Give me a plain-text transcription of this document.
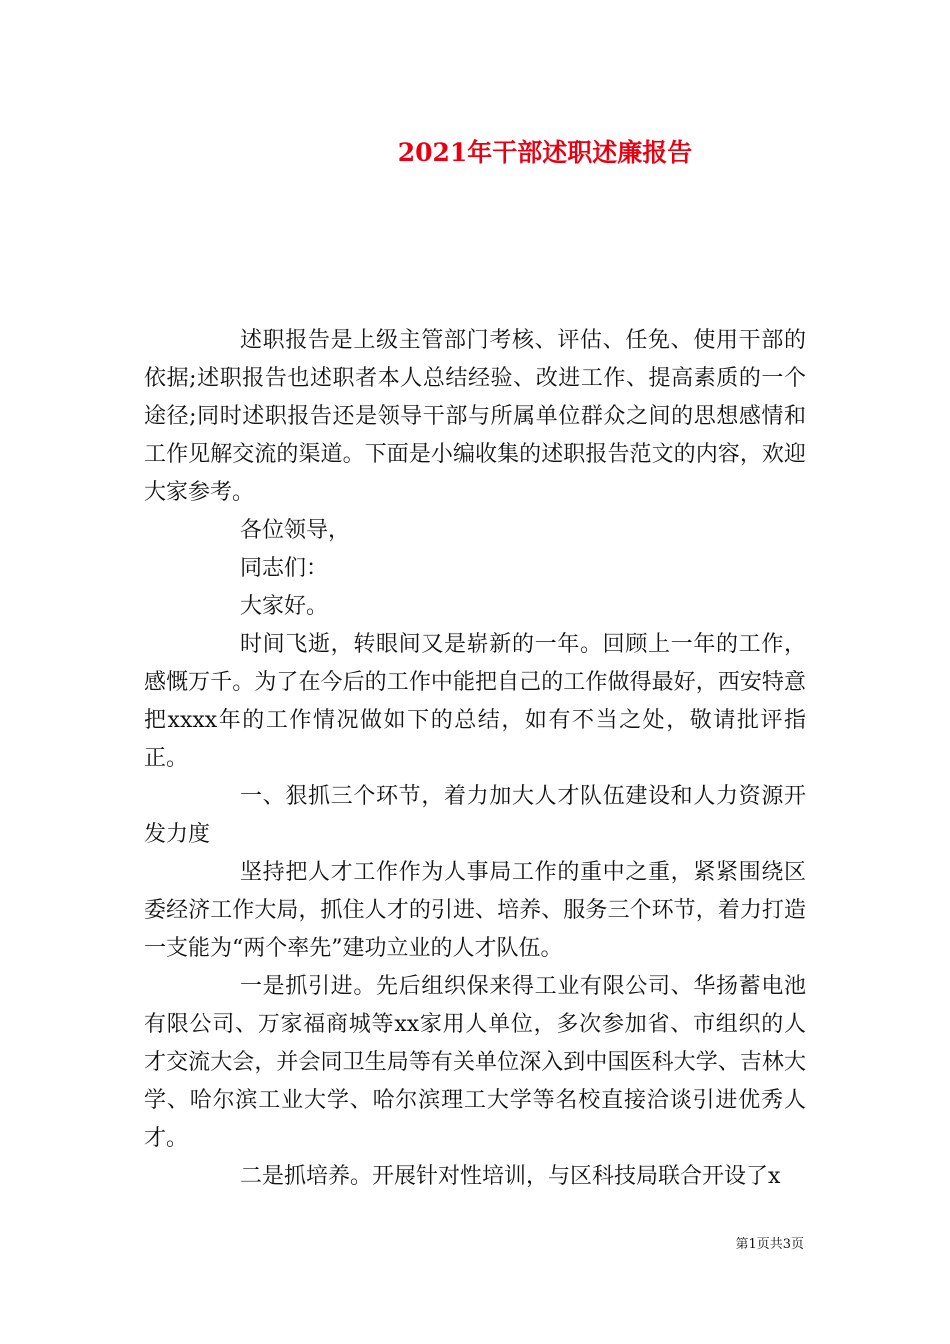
2021年干部述职述廉报告

述职报告是上级主管部门考核、评估、任免、使用干部的依据;述职报告也述职者本人总结经验、改进工作、提高素质的一个途径;同时述职报告还是领导干部与所属单位群众之间的思想感情和工作见解交流的渠道。下面是小编收集的述职报告范文的内容，欢迎大家参考。

各位领导，

同志们：

大家好。

时间飞逝，转眼间又是崭新的一年。回顾上一年的工作，感慨万千。为了在今后的工作中能把自己的工作做得最好，西安特意把xxxx年的工作情况做如下的总结，如有不当之处，敬请批评指正。

一、狠抓三个环节，着力加大人才队伍建设和人力资源开发力度

坚持把人才工作作为人事局工作的重中之重，紧紧围绕区委经济工作大局，抓住人才的引进、培养、服务三个环节，着力打造一支能为“两个率先”建功立业的人才队伍。

一是抓引进。先后组织保来得工业有限公司、华扬蓄电池有限公司、万家福商城等xx家用人单位，多次参加省、市组织的人才交流大会，并会同卫生局等有关单位深入到中国医科大学、吉林大学、哈尔滨工业大学、哈尔滨理工大学等名校直接洽谈引进优秀人才。

二是抓培养。开展针对性培训，与区科技局联合开设了x

第1页共3页
